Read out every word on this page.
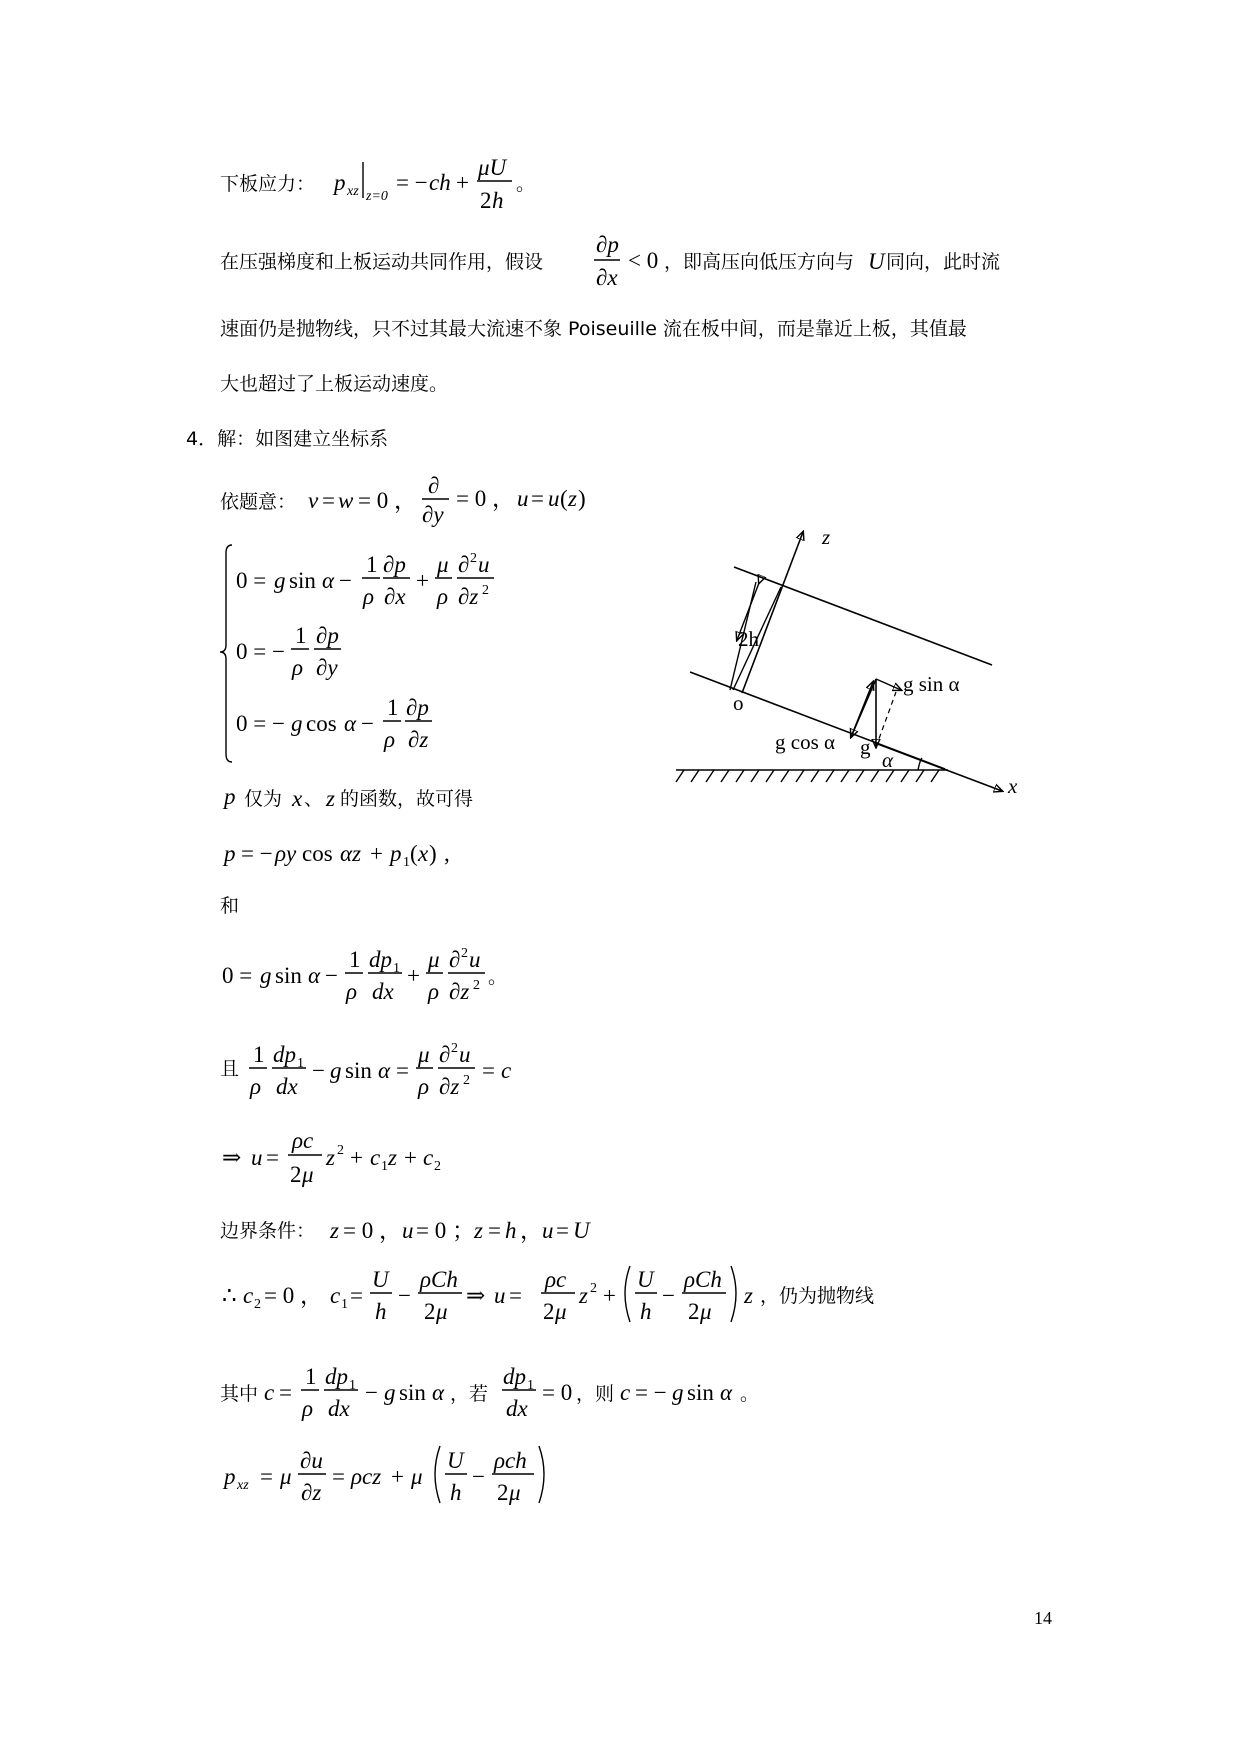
下板应力： p xz z=0
= − ch +
μU
2 h
。
在压强梯度和上板运动共同作用，假设
∂p
∂x
< 0 ，即高压向低压方向与 U 同向，此时流
速面仍是抛物线，只不过其最大流速不象 Poiseuille 流在板中间，而是靠近上板，其值最
大也超过了上板运动速度。
4．解：如图建立坐标系
依题意： v = w = 0 ，
∂
∂y
= 0 ， u = u ( z )
0 = g sin α −
1
ρ
∂p
∂x
+
μ
ρ
∂ 2 u
∂z 2
0 = −
1
ρ
∂p
∂y
0 = − g cos α −
1
ρ
∂p
∂z
p 仅为 x 、 z 的函数，故可得
p = − ρy cos αz + p 1 ( x ) ,
和
0 = g sin α −
1
ρ
dp 1
dx
+
μ
ρ
∂ 2 u
∂z 2 。
且
1
ρ
dp 1
dx
− g sin α =
μ
ρ
∂ 2 u
∂z 2 = c
⇒ u =
ρc
2 μ
z 2 + c 1 z + c 2
边界条件： z = 0 ， u = 0 ； z = h ， u = U
∴ c 2 = 0 ， c 1 =
U
h
−
ρCh
2 μ
⇒ u =
ρc
2 μ
z 2 +
U
h
−
ρCh
2 μ
z ，仍为抛物线
其中 c =
1
ρ
dp 1
dx
− g sin α ，若
dp 1
dx
= 0 ，则 c = − g sin α 。
p xz = μ
∂u
∂z
= ρcz + μ
U
h
−
ρch
2 μ
z
x
2h
o
g sin α
g cos α g
α
14
